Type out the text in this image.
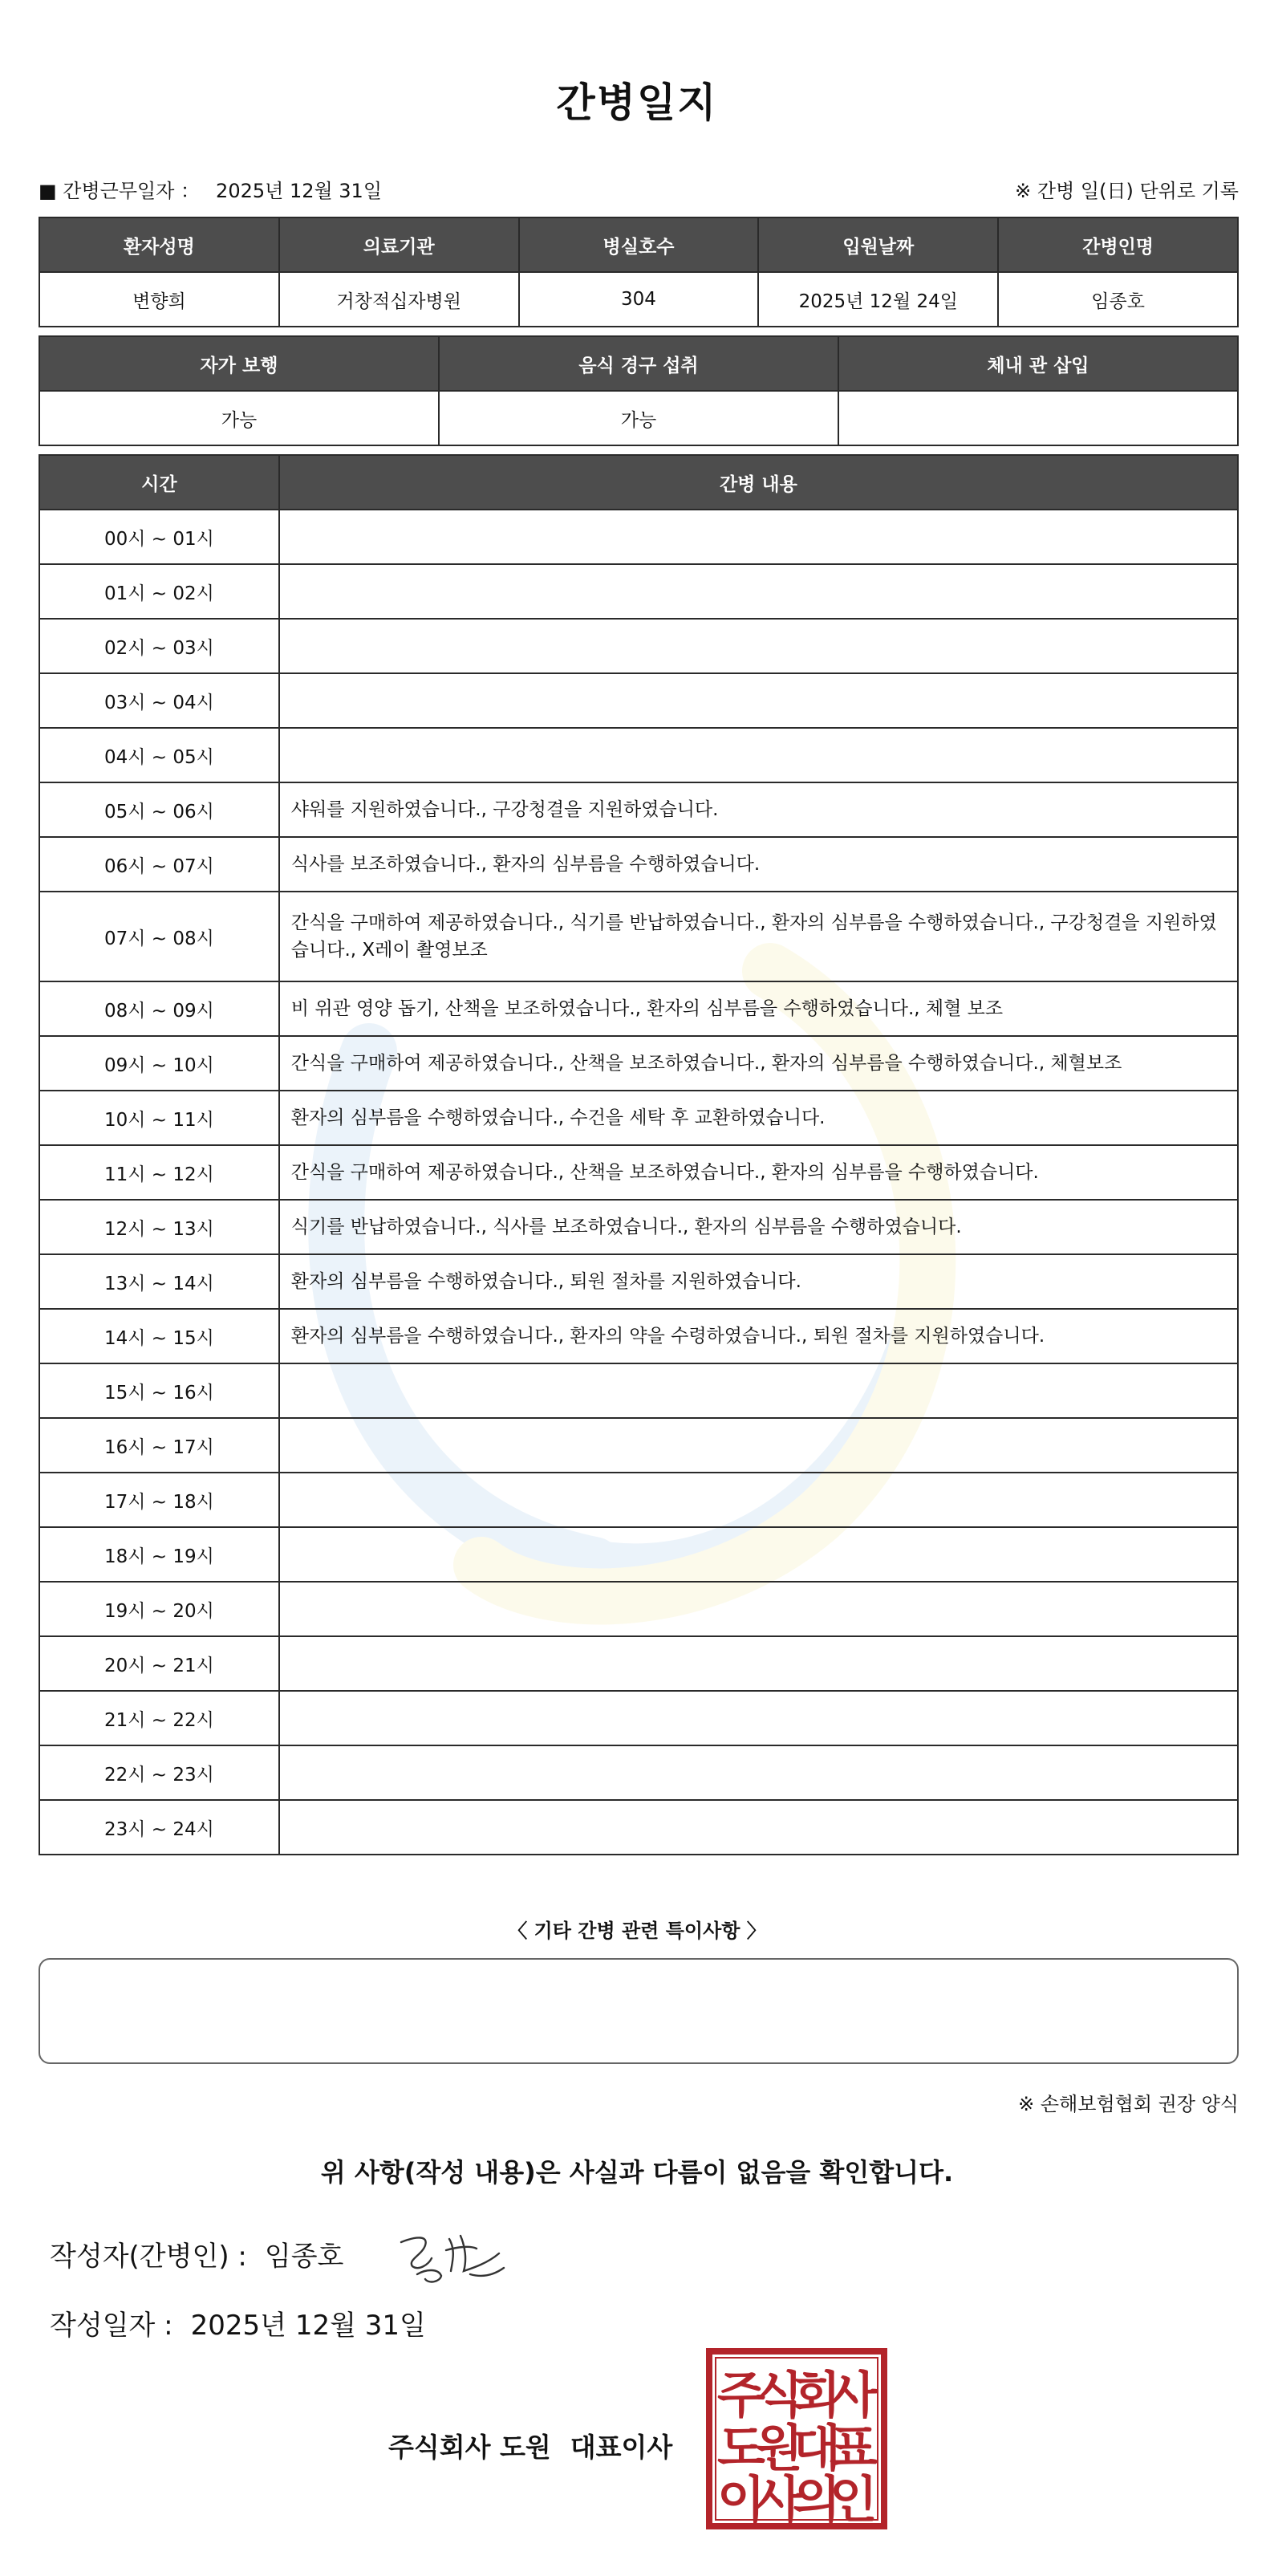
간병일지
■ 간병근무일자 ： 2025년 12월 31일	※ 간병 일(日) 단위로 기록
환자성명	의료기관	병실호수	입원날짜	간병인명
변향희	거창적십자병원	304	2025년 12월 24일	임종호
자가 보행	음식 경구 섭취	체내 관 삽입
가능	가능	
시간	간병 내용
00시 ~ 01시	
01시 ~ 02시	
02시 ~ 03시	
03시 ~ 04시	
04시 ~ 05시	
05시 ~ 06시	샤워를 지원하였습니다., 구강청결을 지원하였습니다.
06시 ~ 07시	식사를 보조하였습니다., 환자의 심부름을 수행하였습니다.
07시 ~ 08시	간식을 구매하여 제공하였습니다., 식기를 반납하였습니다., 환자의 심부름을 수행하였습니다., 구강청결을 지원하였습니다., X레이 촬영보조
08시 ~ 09시	비 위관 영양 돕기, 산책을 보조하였습니다., 환자의 심부름을 수행하였습니다., 체혈 보조
09시 ~ 10시	간식을 구매하여 제공하였습니다., 산책을 보조하였습니다., 환자의 심부름을 수행하였습니다., 체혈보조
10시 ~ 11시	환자의 심부름을 수행하였습니다., 수건을 세탁 후 교환하였습니다.
11시 ~ 12시	간식을 구매하여 제공하였습니다., 산책을 보조하였습니다., 환자의 심부름을 수행하였습니다.
12시 ~ 13시	식기를 반납하였습니다., 식사를 보조하였습니다., 환자의 심부름을 수행하였습니다.
13시 ~ 14시	환자의 심부름을 수행하였습니다., 퇴원 절차를 지원하였습니다.
14시 ~ 15시	환자의 심부름을 수행하였습니다., 환자의 약을 수령하였습니다., 퇴원 절차를 지원하였습니다.
15시 ~ 16시	
16시 ~ 17시	
17시 ~ 18시	
18시 ~ 19시	
19시 ~ 20시	
20시 ~ 21시	
21시 ~ 22시	
22시 ~ 23시	
23시 ~ 24시	
〈 기타 간병 관련 특이사항 〉
※ 손해보험협회 권장 양식
위 사항(작성 내용)은 사실과 다름이 없음을 확인합니다.
작성자(간병인) : 임종호
작성일자 : 2025년 12월 31일
주식회사 도원 대표이사
주
식
회
사
도
원
대
표
이
사
의
인
